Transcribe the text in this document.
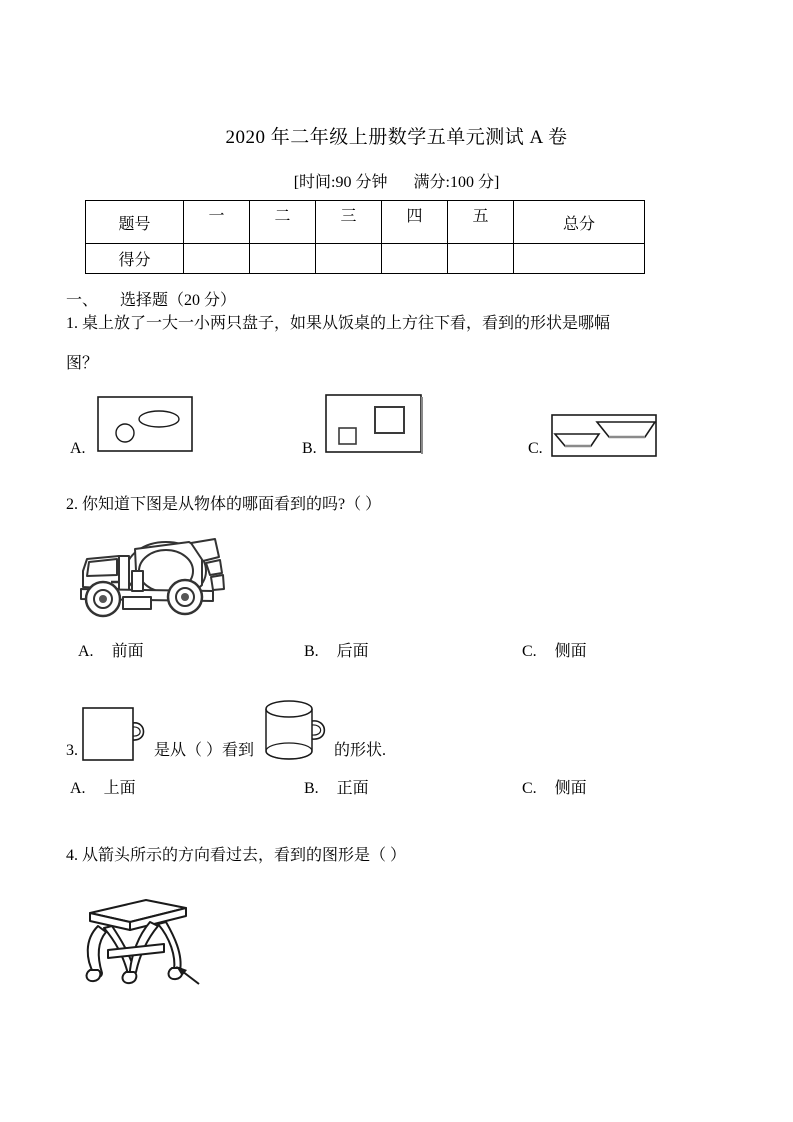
2020 年二年级上册数学五单元测试 A 卷
[时间:90 分钟 满分:100 分]
题号	一	二	三	四	五	总分
得分						
一、 选择题（20 分）
1. 桌上放了一大一小两只盘子，如果从饭桌的上方往下看，看到的形状是哪幅
图？
A.	B.	C.
2. 你知道下图是从物体的哪面看到的吗?（ ）
A. 前面	B. 后面	C. 侧面
3.	是从（ ）看到	的形状.
A. 上面	B. 正面	C. 侧面
4. 从箭头所示的方向看过去，看到的图形是（ ）
